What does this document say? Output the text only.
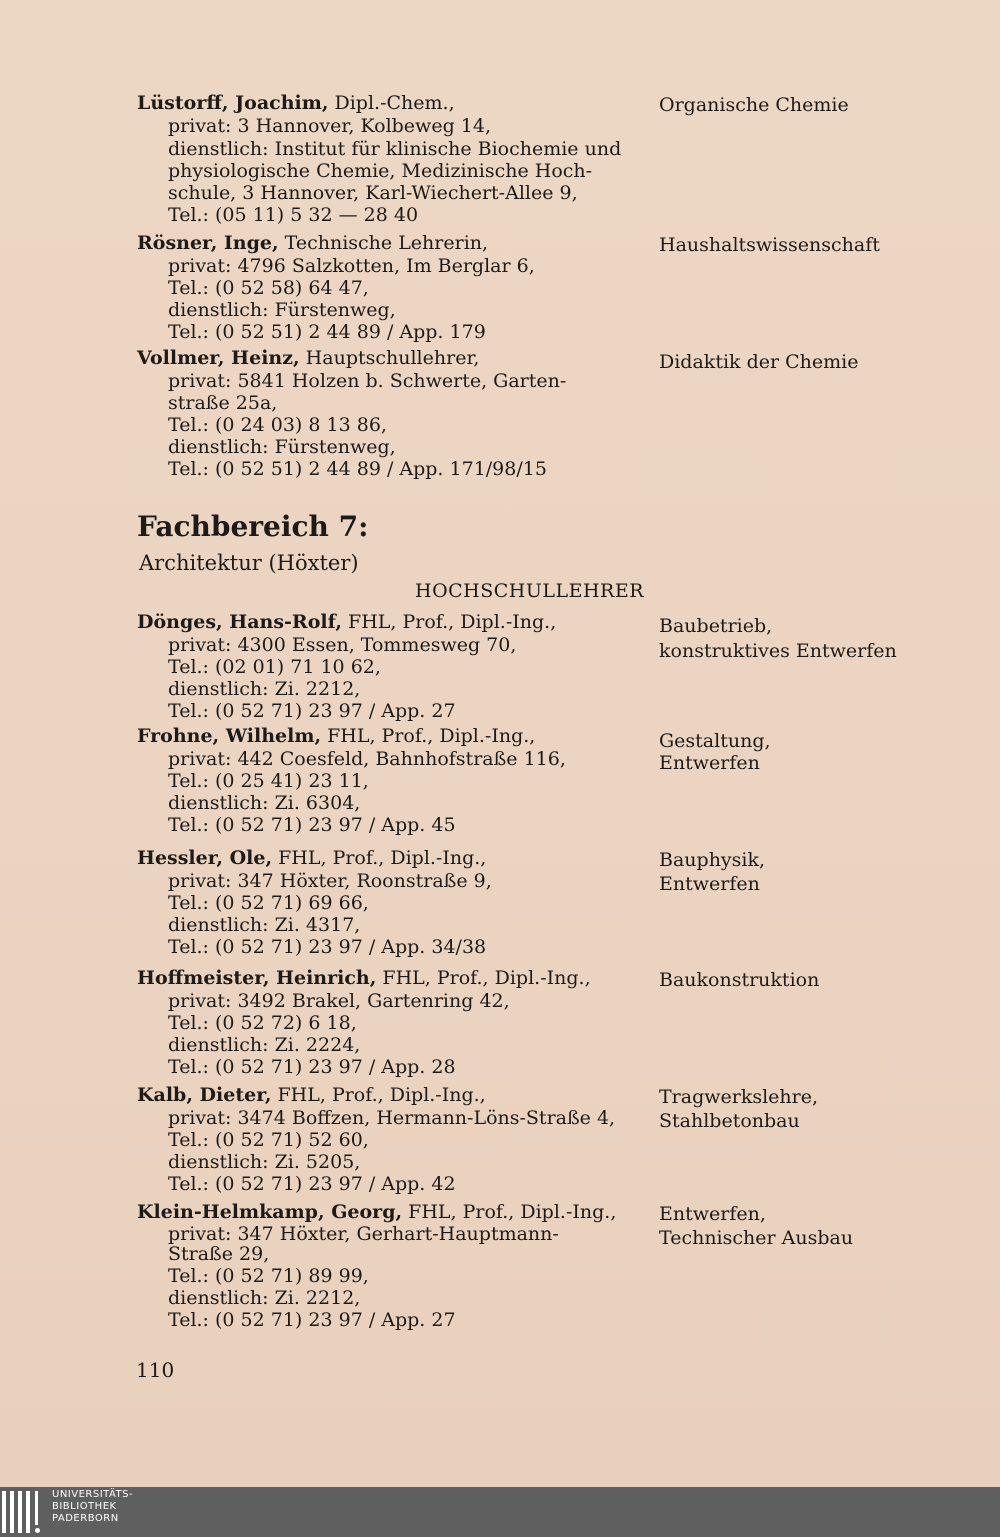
Lüstorff, Joachim, Dipl.-Chem.,
privat: 3 Hannover, Kolbeweg 14,
dienstlich: Institut für klinische Biochemie und
physiologische Chemie, Medizinische Hoch-
schule, 3 Hannover, Karl-Wiechert-Allee 9,
Tel.: (05 11) 5 32 — 28 40
Organische Chemie
Rösner, Inge, Technische Lehrerin,
privat: 4796 Salzkotten, Im Berglar 6,
Tel.: (0 52 58) 64 47,
dienstlich: Fürstenweg,
Tel.: (0 52 51) 2 44 89 / App. 179
Haushaltswissenschaft
Vollmer, Heinz, Hauptschullehrer,
privat: 5841 Holzen b. Schwerte, Garten-
straße 25a,
Tel.: (0 24 03) 8 13 86,
dienstlich: Fürstenweg,
Tel.: (0 52 51) 2 44 89 / App. 171/98/15
Didaktik der Chemie
Fachbereich 7:
Architektur (Höxter)
HOCHSCHULLEHRER
Dönges, Hans-Rolf, FHL, Prof., Dipl.-Ing.,
privat: 4300 Essen, Tommesweg 70,
Tel.: (02 01) 71 10 62,
dienstlich: Zi. 2212,
Tel.: (0 52 71) 23 97 / App. 27
Baubetrieb,
konstruktives Entwerfen
Frohne, Wilhelm, FHL, Prof., Dipl.-Ing.,
privat: 442 Coesfeld, Bahnhofstraße 116,
Tel.: (0 25 41) 23 11,
dienstlich: Zi. 6304,
Tel.: (0 52 71) 23 97 / App. 45
Gestaltung,
Entwerfen
Hessler, Ole, FHL, Prof., Dipl.-Ing.,
privat: 347 Höxter, Roonstraße 9,
Tel.: (0 52 71) 69 66,
dienstlich: Zi. 4317,
Tel.: (0 52 71) 23 97 / App. 34/38
Bauphysik,
Entwerfen
Hoffmeister, Heinrich, FHL, Prof., Dipl.-Ing.,
privat: 3492 Brakel, Gartenring 42,
Tel.: (0 52 72) 6 18,
dienstlich: Zi. 2224,
Tel.: (0 52 71) 23 97 / App. 28
Baukonstruktion
Kalb, Dieter, FHL, Prof., Dipl.-Ing.,
privat: 3474 Boffzen, Hermann-Löns-Straße 4,
Tel.: (0 52 71) 52 60,
dienstlich: Zi. 5205,
Tel.: (0 52 71) 23 97 / App. 42
Tragwerkslehre,
Stahlbetonbau
Klein-Helmkamp, Georg, FHL, Prof., Dipl.-Ing.,
privat: 347 Höxter, Gerhart-Hauptmann-
Straße 29,
Tel.: (0 52 71) 89 99,
dienstlich: Zi. 2212,
Tel.: (0 52 71) 23 97 / App. 27
Entwerfen,
Technischer Ausbau
110
UNIVERSITÄTS-
BIBLIOTHEK
PADERBORN
